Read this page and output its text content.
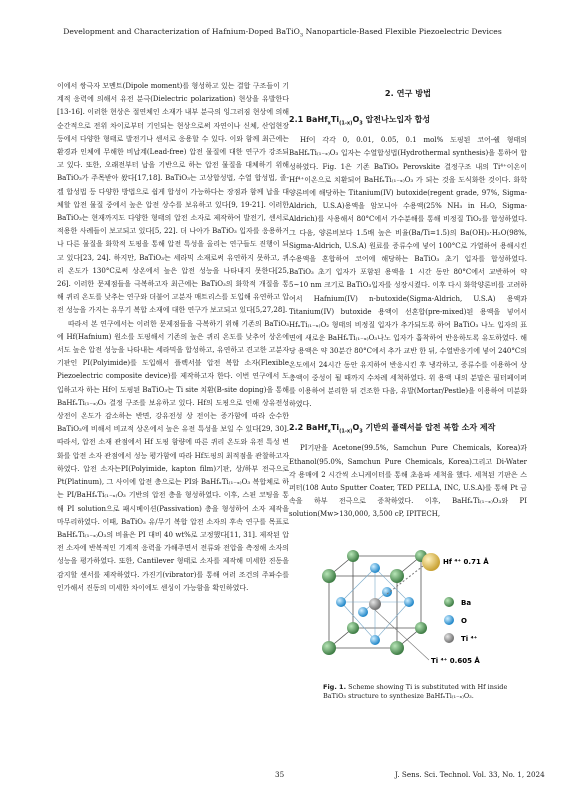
Development and Characterization of Hafnium-Doped BaTiO$_3$ Nanoparticle-Based Flexible Piezoelectric Devices

이에서 쌍극자 모멘트(Dipole moment)를 형성하고 있는 결합 구조들이 기계적 응력에 의해서 유전 분극(Dielectric polarization) 현상을 유발한다[13-16]. 이러한 현상은 절연체인 소재가 내부 분극의 잉그러짐 현상에 의해 순간적으로 전위 차이로부터 기인되는 현상으로써 자연이나 신체, 산업현장 등에서 다양한 형태로 발전기나 센서로 응용할 수 있다. 이와 함께 최근에는 환경과 인체에 무해한 비납계(Lead-free) 압전 물질에 대한 연구가 강조되고 있다. 또한, 오래전부터 납을 기반으로 하는 압전 물질을 대체하기 위해 BaTiO₃가 주목받아 왔다[17,18]. BaTiO₃는 고상합성법, 수열 합성법, 졸-겔 합성법 등 다양한 방법으로 쉽게 합성이 가능하다는 장점과 함께 납을 대체할 압전 물질 중에서 높은 압전 상수를 보유하고 있다[9, 19-21]. 이러한 BaTiO₃는 현재까지도 다양한 형태의 압전 소자로 제작하여 발전기, 센서로 적용한 사례들이 보고되고 있다[5, 22]. 더 나아가 BaTiO₃ 입자를 응용하거나 다른 물질을 화학적 도핑을 통해 압전 특성을 올리는 연구들도 진행이 되고 있다[23, 24]. 하지만, BaTiO₃는 세라믹 소재로써 유연하지 못하고, 퀴리 온도가 130°C로써 상온에서 높은 압전 성능을 나타내지 못한다[25, 26]. 이러한 문제점들을 극복하고자 최근에는 BaTiO₃의 화학적 개질을 통해 퀴리 온도를 낮추는 연구와 더불어 고분자 매트리스를 도입해 유연하고 압전 성능을 가지는 유무기 복합 소재에 대한 연구가 보고되고 있다[5,27,28].

따라서 본 연구에서는 이러한 문제점들을 극복하기 위해 기존의 BaTiO₃에 Hf(Hafnium) 원소를 도핑해서 기존의 높은 퀴리 온도를 낮추어 상온에서도 높은 압전 성능을 나타내는 세라믹을 합성하고, 유연하고 견고한 고분자 기판인 PI(Polyimide)를 도입해서 플렉서블 압전 복합 소자(Flexible Piezoelectric composite device)를 제작하고자 한다. 이번 연구에서 도입하고자 하는 Hf이 도핑된 BaTiO₃는 Ti site 치환(B-site doping)을 통해 BaHfₓTi₍₁₋ₓ₎O₃ 결정 구조를 보유하고 있다. Hf의 도핑으로 인해 상유전성 상전이 온도가 감소하는 반면, 강유전성 상 전이는 증가함에 따라 순수한 BaTiO₃에 비해서 비교적 상온에서 높은 유전 특성을 보일 수 있다[29, 30]. 따라서, 압전 소재 관점에서 Hf 도핑 함량에 따른 퀴리 온도와 유전 특성 변화를 압전 소자 관점에서 성능 평가함에 따라 Hf도핑의 최적점을 관찰하고자 하였다. 압전 소자는PI(Polyimide, kapton film)기판, 상/하부 전극으로 Pt(Platinum), 그 사이에 압전 층으로는 PI와 BaHfₓTi₍₁₋ₓ₎O₃ 복합체로 하는 PI/BaHfₓTi₍₁₋ₓ₎O₃ 기반의 압전 층을 형성하였다. 이후, 스핀 코팅을 통해 PI solution으로 패시베이션(Passivation) 층을 형성하여 소자 제작을 마무리하였다. 이때, BaTiO₃ 유/무기 복합 압전 소자의 후속 연구를 목표로 BaHfₓTi₍₁₋ₓ₎O₃의 비율은 PI 대비 40 wt%로 고정했다[11, 31]. 제작된 압전 소자에 반복적인 기계적 응력을 가해주면서 전류와 전압을 측정해 소자의 성능을 평가하였다. 또한, Cantilever 형태로 소자를 제작해 미세한 진동을 감지할 센서를 제작하였다. 가진기(vibrator)를 통해 여러 조건의 주파수를 인가해서 진동의 미세한 차이에도 센싱이 가능함을 확인하였다.

2. 연구 방법
2.1 $BaHf_xTi_{(1-x)}O_3$ 압전나노입자 합성

Hf이 각각 0, 0.01, 0.05, 0.1 mol% 도핑된 코어-쉘 형태의 BaHfₓTi₍₁₋ₓ₎O₃ 입자는 수열합성법(Hydrothermal synthesis)을 통하여 합성하였다. Fig. 1은 기존 BaTiO₃ Perovskite 결정구조 내의 Ti⁴⁺이온이 Hf⁴⁺이온으로 치환되어 BaHfₓTi₍₁₋ₓ₎O₃ 가 되는 것을 도식화한 것이다. 화학양론비에 해당하는 Titanium(IV) butoxide(regent grade, 97%, Sigma-Aldrich, U.S.A)용액을 암모니아 수용액(25% NH₃ in H₂O, Sigma-Aldrich)를 사용해서 80°C에서 가수분해를 통해 비정질 TiO₂를 합성하였다. 그 다음, 양론비보다 1.5배 높은 비율(Ba/Ti=1.5)의 Ba(OH)₂·H₂O(98%, Sigma-Aldrich, U.S.A) 원료를 증류수에 넣어 100°C로 가열하여 용해시킨 수용액을 혼합하여 코어에 해당하는 BaTiO₃ 초기 입자를 합성하였다. BaTiO₃ 초기 입자가 포함된 용액을 1 시간 동안 80°C에서 교반하여 약 5~10 nm 크기로 BaTiO₃입자를 성장시켰다. 이후 다시 화학양론비를 고려하여서 Hafnium(IV) n-butoxide(Sigma-Aldrich, U.S.A) 용액과 Titanium(IV) butoxide 용액이 선혼합(pre-mixed)된 용액을 넣어서 HfₓTi₍₁₋ₓ₎O₂ 형태의 비정질 입자가 추가되도록 하여 BaTiO₃ 나노 입자의 표면에 새로운 BaHfₓTi₍₁₋ₓ₎O₃나노 입자가 흡착하여 반응하도록 유도하였다. 해당 용액은 약 30분간 80°C에서 추가 교반 한 뒤, 수열반응기에 넣어 240°C의 온도에서 24시간 동안 유지하여 반응시킨 후 냉각하고, 증류수를 이용하여 상층액이 중성이 될 때까지 수차례 세척하였다. 위 용액 내의 분말은 필터페이퍼를 이용하여 분리한 뒤 건조한 다음, 유발(Mortar/Pestle)을 이용하여 미분화하였다.

2.2 $BaHf_xTi_{(1-x)}O_3$ 기반의 플렉서블 압전 복합 소자 제작

PI기판을 Acetone(99.5%, Samchun Pure Chemicals, Korea)과 Ethanol(95.0%, Samchun Pure Chemicals, Korea)그리고 Di-Water 각 용매에 2 시간씩 소니케이터를 통해 초음파 세척을 했다. 세척된 기판은 스퍼터(108 Auto Sputter Coater, TED PELLA, INC, U.S.A)를 통해 Pt 금속을 하부 전극으로 증착하였다. 이후, BaHfₓTi₍₁₋ₓ₎O₃와 PI solution(Mw>130,000, 3,500 cP, IPITECH,

Hf ⁴⁺ 0.71 Å
Ba
O
Ti ⁴⁺
Ti ⁴⁺ 0.605 Å
Fig. 1. Scheme showing Ti is substituted with Hf inside BaTiO₃ structure to synthesize BaHfₓTi₍₁₋ₓ₎O₃.
35	J. Sens. Sci. Technol. Vol. 33, No. 1, 2024
